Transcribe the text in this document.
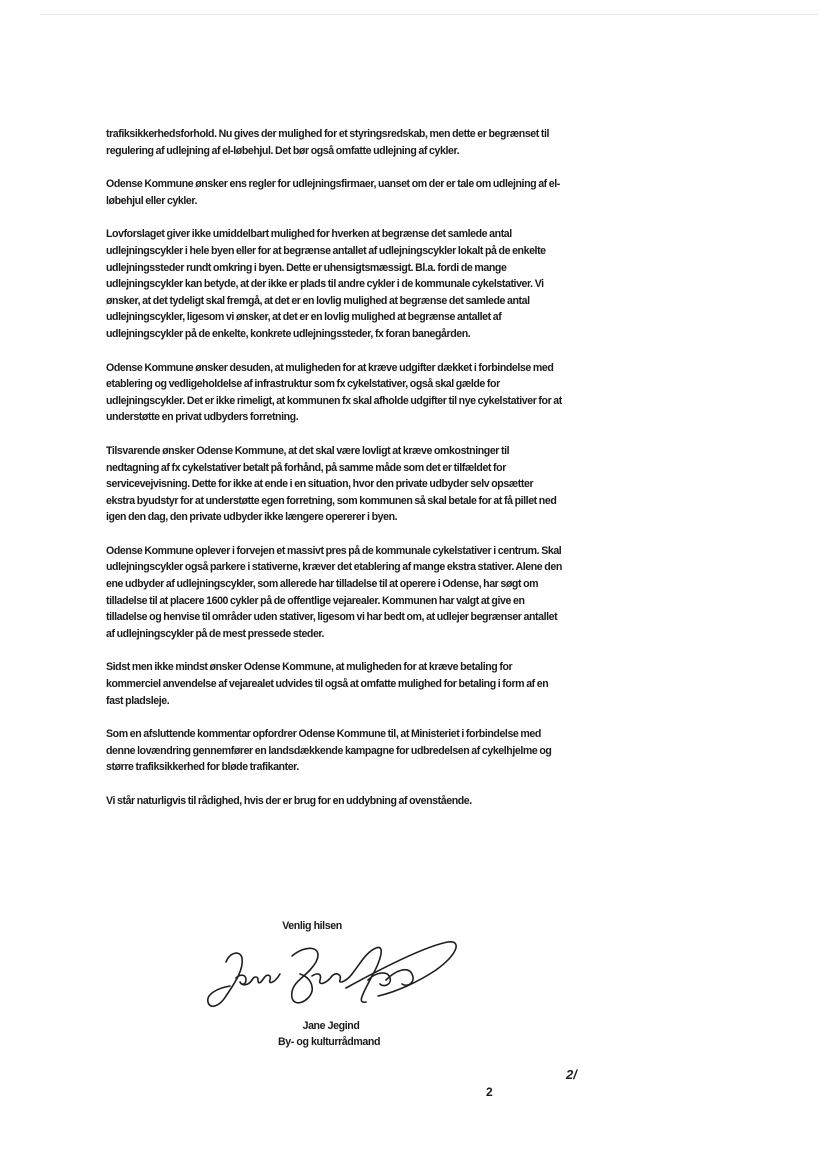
trafiksikkerhedsforhold. Nu gives der mulighed for et styringsredskab, men dette er begrænset til regulering af udlejning af el-løbehjul. Det bør også omfatte udlejning af cykler.

Odense Kommune ønsker ens regler for udlejningsfirmaer, uanset om der er tale om udlejning af el-løbehjul eller cykler.

Lovforslaget giver ikke umiddelbart mulighed for hverken at begrænse det samlede antal udlejningscykler i hele byen eller for at begrænse antallet af udlejningscykler lokalt på de enkelte udlejningssteder rundt omkring i byen. Dette er uhensigtsmæssigt. Bl.a. fordi de mange udlejningscykler kan betyde, at der ikke er plads til andre cykler i de kommunale cykelstativer. Vi ønsker, at det tydeligt skal fremgå, at det er en lovlig mulighed at begrænse det samlede antal udlejningscykler, ligesom vi ønsker, at det er en lovlig mulighed at begrænse antallet af udlejningscykler på de enkelte, konkrete udlejningssteder, fx foran banegården.

Odense Kommune ønsker desuden, at muligheden for at kræve udgifter dækket i forbindelse med etablering og vedligeholdelse af infrastruktur som fx cykelstativer, også skal gælde for udlejningscykler. Det er ikke rimeligt, at kommunen fx skal afholde udgifter til nye cykelstativer for at understøtte en privat udbyders forretning.

Tilsvarende ønsker Odense Kommune, at det skal være lovligt at kræve omkostninger til nedtagning af fx cykelstativer betalt på forhånd, på samme måde som det er tilfældet for servicevejvisning. Dette for ikke at ende i en situation, hvor den private udbyder selv opsætter ekstra byudstyr for at understøtte egen forretning, som kommunen så skal betale for at få pillet ned igen den dag, den private udbyder ikke længere opererer i byen.

Odense Kommune oplever i forvejen et massivt pres på de kommunale cykelstativer i centrum. Skal udlejningscykler også parkere i stativerne, kræver det etablering af mange ekstra stativer. Alene den ene udbyder af udlejningscykler, som allerede har tilladelse til at operere i Odense, har søgt om tilladelse til at placere 1600 cykler på de offentlige vejarealer. Kommunen har valgt at give en tilladelse og henvise til områder uden stativer, ligesom vi har bedt om, at udlejer begrænser antallet af udlejningscykler på de mest pressede steder.

Sidst men ikke mindst ønsker Odense Kommune, at muligheden for at kræve betaling for kommerciel anvendelse af vejarealet udvides til også at omfatte mulighed for betaling i form af en fast pladsleje.

Som en afsluttende kommentar opfordrer Odense Kommune til, at Ministeriet i forbindelse med denne lovændring gennemfører en landsdækkende kampagne for udbredelsen af cykelhjelme og større trafiksikkerhed for bløde trafikanter.

Vi står naturligvis til rådighed, hvis der er brug for en uddybning af ovenstående.

Venlig hilsen
Jane Jegind
By- og kulturrådmand
2/
2
